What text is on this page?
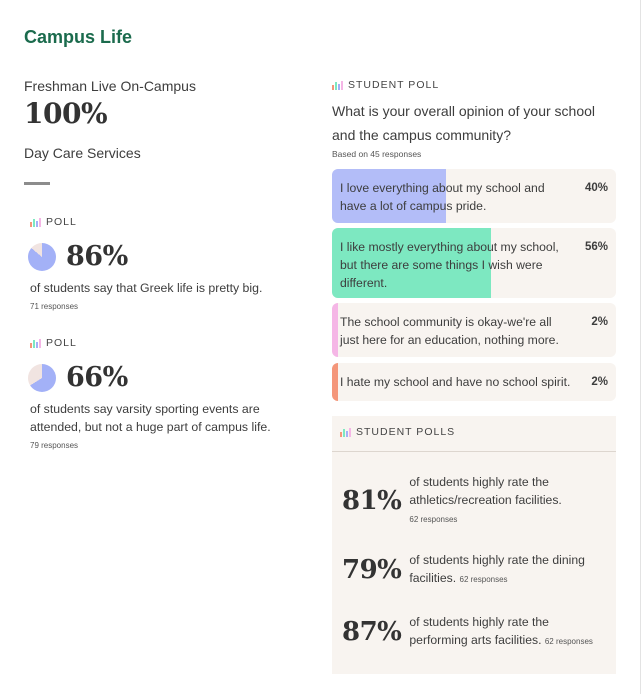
Campus Life
Freshman Live On-Campus
100%
Day Care Services
POLL
86%
of students say that Greek life is pretty big.
71 responses
POLL
66%
of students say varsity sporting events are attended, but not a huge part of campus life.
79 responses
STUDENT POLL
What is your overall opinion of your school and the campus community?
Based on 45 responses
I love everything about my school and have a lot of campus pride.
40%
I like mostly everything about my school, but there are some things I wish were different.
56%
The school community is okay-we're all just here for an education, nothing more.
2%
I hate my school and have no school spirit. 2%
STUDENT POLLS
81%
of students highly rate the athletics/recreation facilities.
62 responses
79% of students highly rate the dining facilities. 62 responses
87% of students highly rate the performing arts facilities. 62 responses
